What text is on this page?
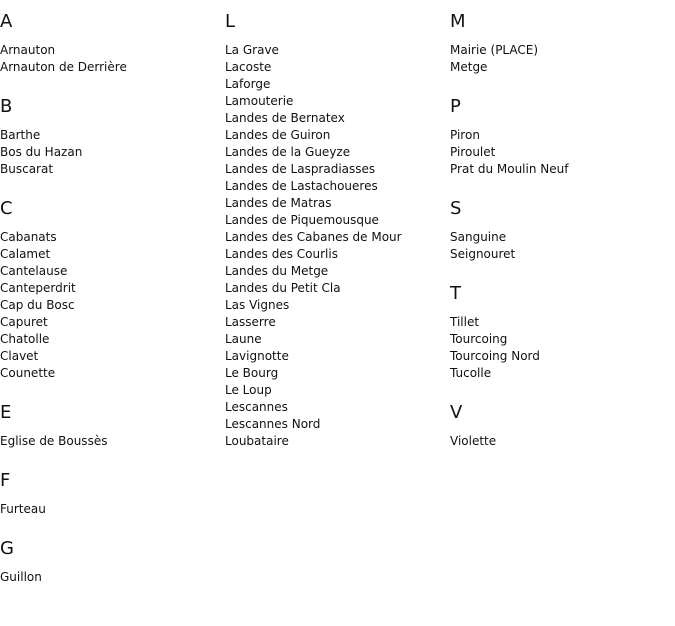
A
Arnauton
Arnauton de Derrière
B
Barthe
Bos du Hazan
Buscarat
C
Cabanats
Calamet
Cantelause
Canteperdrit
Cap du Bosc
Capuret
Chatolle
Clavet
Counette
E
Eglise de Boussès
F
Furteau
G
Guillon
L
La Grave
Lacoste
Laforge
Lamouterie
Landes de Bernatex
Landes de Guiron
Landes de la Gueyze
Landes de Laspradiasses
Landes de Lastachoueres
Landes de Matras
Landes de Piquemousque
Landes des Cabanes de Mour
Landes des Courlis
Landes du Metge
Landes du Petit Cla
Las Vignes
Lasserre
Laune
Lavignotte
Le Bourg
Le Loup
Lescannes
Lescannes Nord
Loubataire
M
Mairie (PLACE)
Metge
P
Piron
Piroulet
Prat du Moulin Neuf
S
Sanguine
Seignouret
T
Tillet
Tourcoing
Tourcoing Nord
Tucolle
V
Violette
